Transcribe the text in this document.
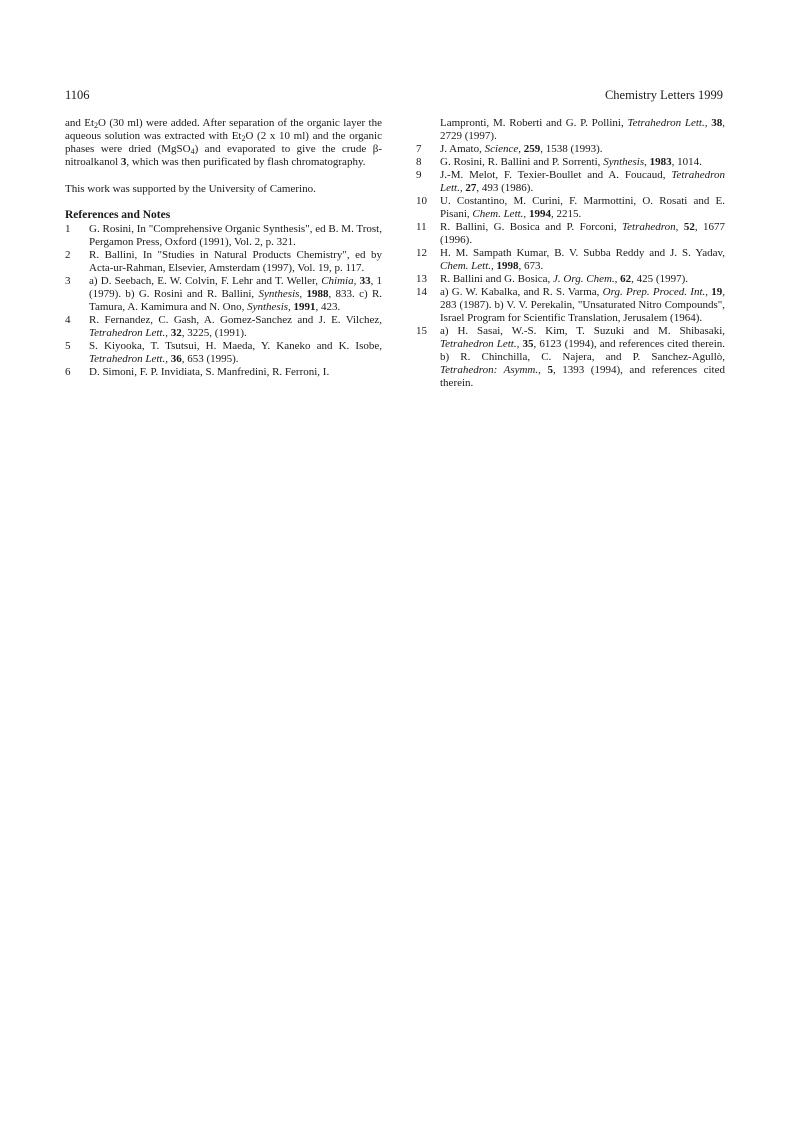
1106	Chemistry Letters 1999

and $Et_2O$ (30 ml) were added. After separation of the organic layer the aqueous solution was extracted with $Et_2O$ (2 x 10 ml) and the organic phases were dried (MgSO$_4$) and evaporated to give the crude β-nitroalkanol 3, which was then purificated by flash chromatography.

This work was supported by the University of Camerino.

References and Notes
1	G. Rosini, In "Comprehensive Organic Synthesis", ed B. M. Trost, Pergamon Press, Oxford (1991), Vol. 2, p. 321.
2	R. Ballini, In "Studies in Natural Products Chemistry", ed by Acta-ur-Rahman, Elsevier, Amsterdam (1997), Vol. 19, p. 117.
3	a) D. Seebach, E. W. Colvin, F. Lehr and T. Weller, Chimia, 33, 1 (1979). b) G. Rosini and R. Ballini, Synthesis, 1988, 833. c) R. Tamura, A. Kamimura and N. Ono, Synthesis, 1991, 423.
4	R. Fernandez, C. Gash, A. Gomez-Sanchez and J. E. Vilchez, Tetrahedron Lett., 32, 3225, (1991).
5	S. Kiyooka, T. Tsutsui, H. Maeda, Y. Kaneko and K. Isobe, Tetrahedron Lett., 36, 653 (1995).
6	D. Simoni, F. P. Invidiata, S. Manfredini, R. Ferroni, I.
Lampronti, M. Roberti and G. P. Pollini, Tetrahedron Lett., 38, 2729 (1997).
7	J. Amato, Science, 259, 1538 (1993).
8	G. Rosini, R. Ballini and P. Sorrenti, Synthesis, 1983, 1014.
9	J.-M. Melot, F. Texier-Boullet and A. Foucaud, Tetrahedron Lett., 27, 493 (1986).
10	U. Costantino, M. Curini, F. Marmottini, O. Rosati and E. Pisani, Chem. Lett., 1994, 2215.
11	R. Ballini, G. Bosica and P. Forconi, Tetrahedron, 52, 1677 (1996).
12	H. M. Sampath Kumar, B. V. Subba Reddy and J. S. Yadav, Chem. Lett., 1998, 673.
13	R. Ballini and G. Bosica, J. Org. Chem., 62, 425 (1997).
14	a) G. W. Kabalka, and R. S. Varma, Org. Prep. Proced. Int., 19, 283 (1987). b) V. V. Perekalin, "Unsaturated Nitro Compounds", Israel Program for Scientific Translation, Jerusalem (1964).
15	a) H. Sasai, W.-S. Kim, T. Suzuki and M. Shibasaki, Tetrahedron Lett., 35, 6123 (1994), and references cited therein. b) R. Chinchilla, C. Najera, and P. Sanchez-Agullò, Tetrahedron: Asymm., 5, 1393 (1994), and references cited therein.
